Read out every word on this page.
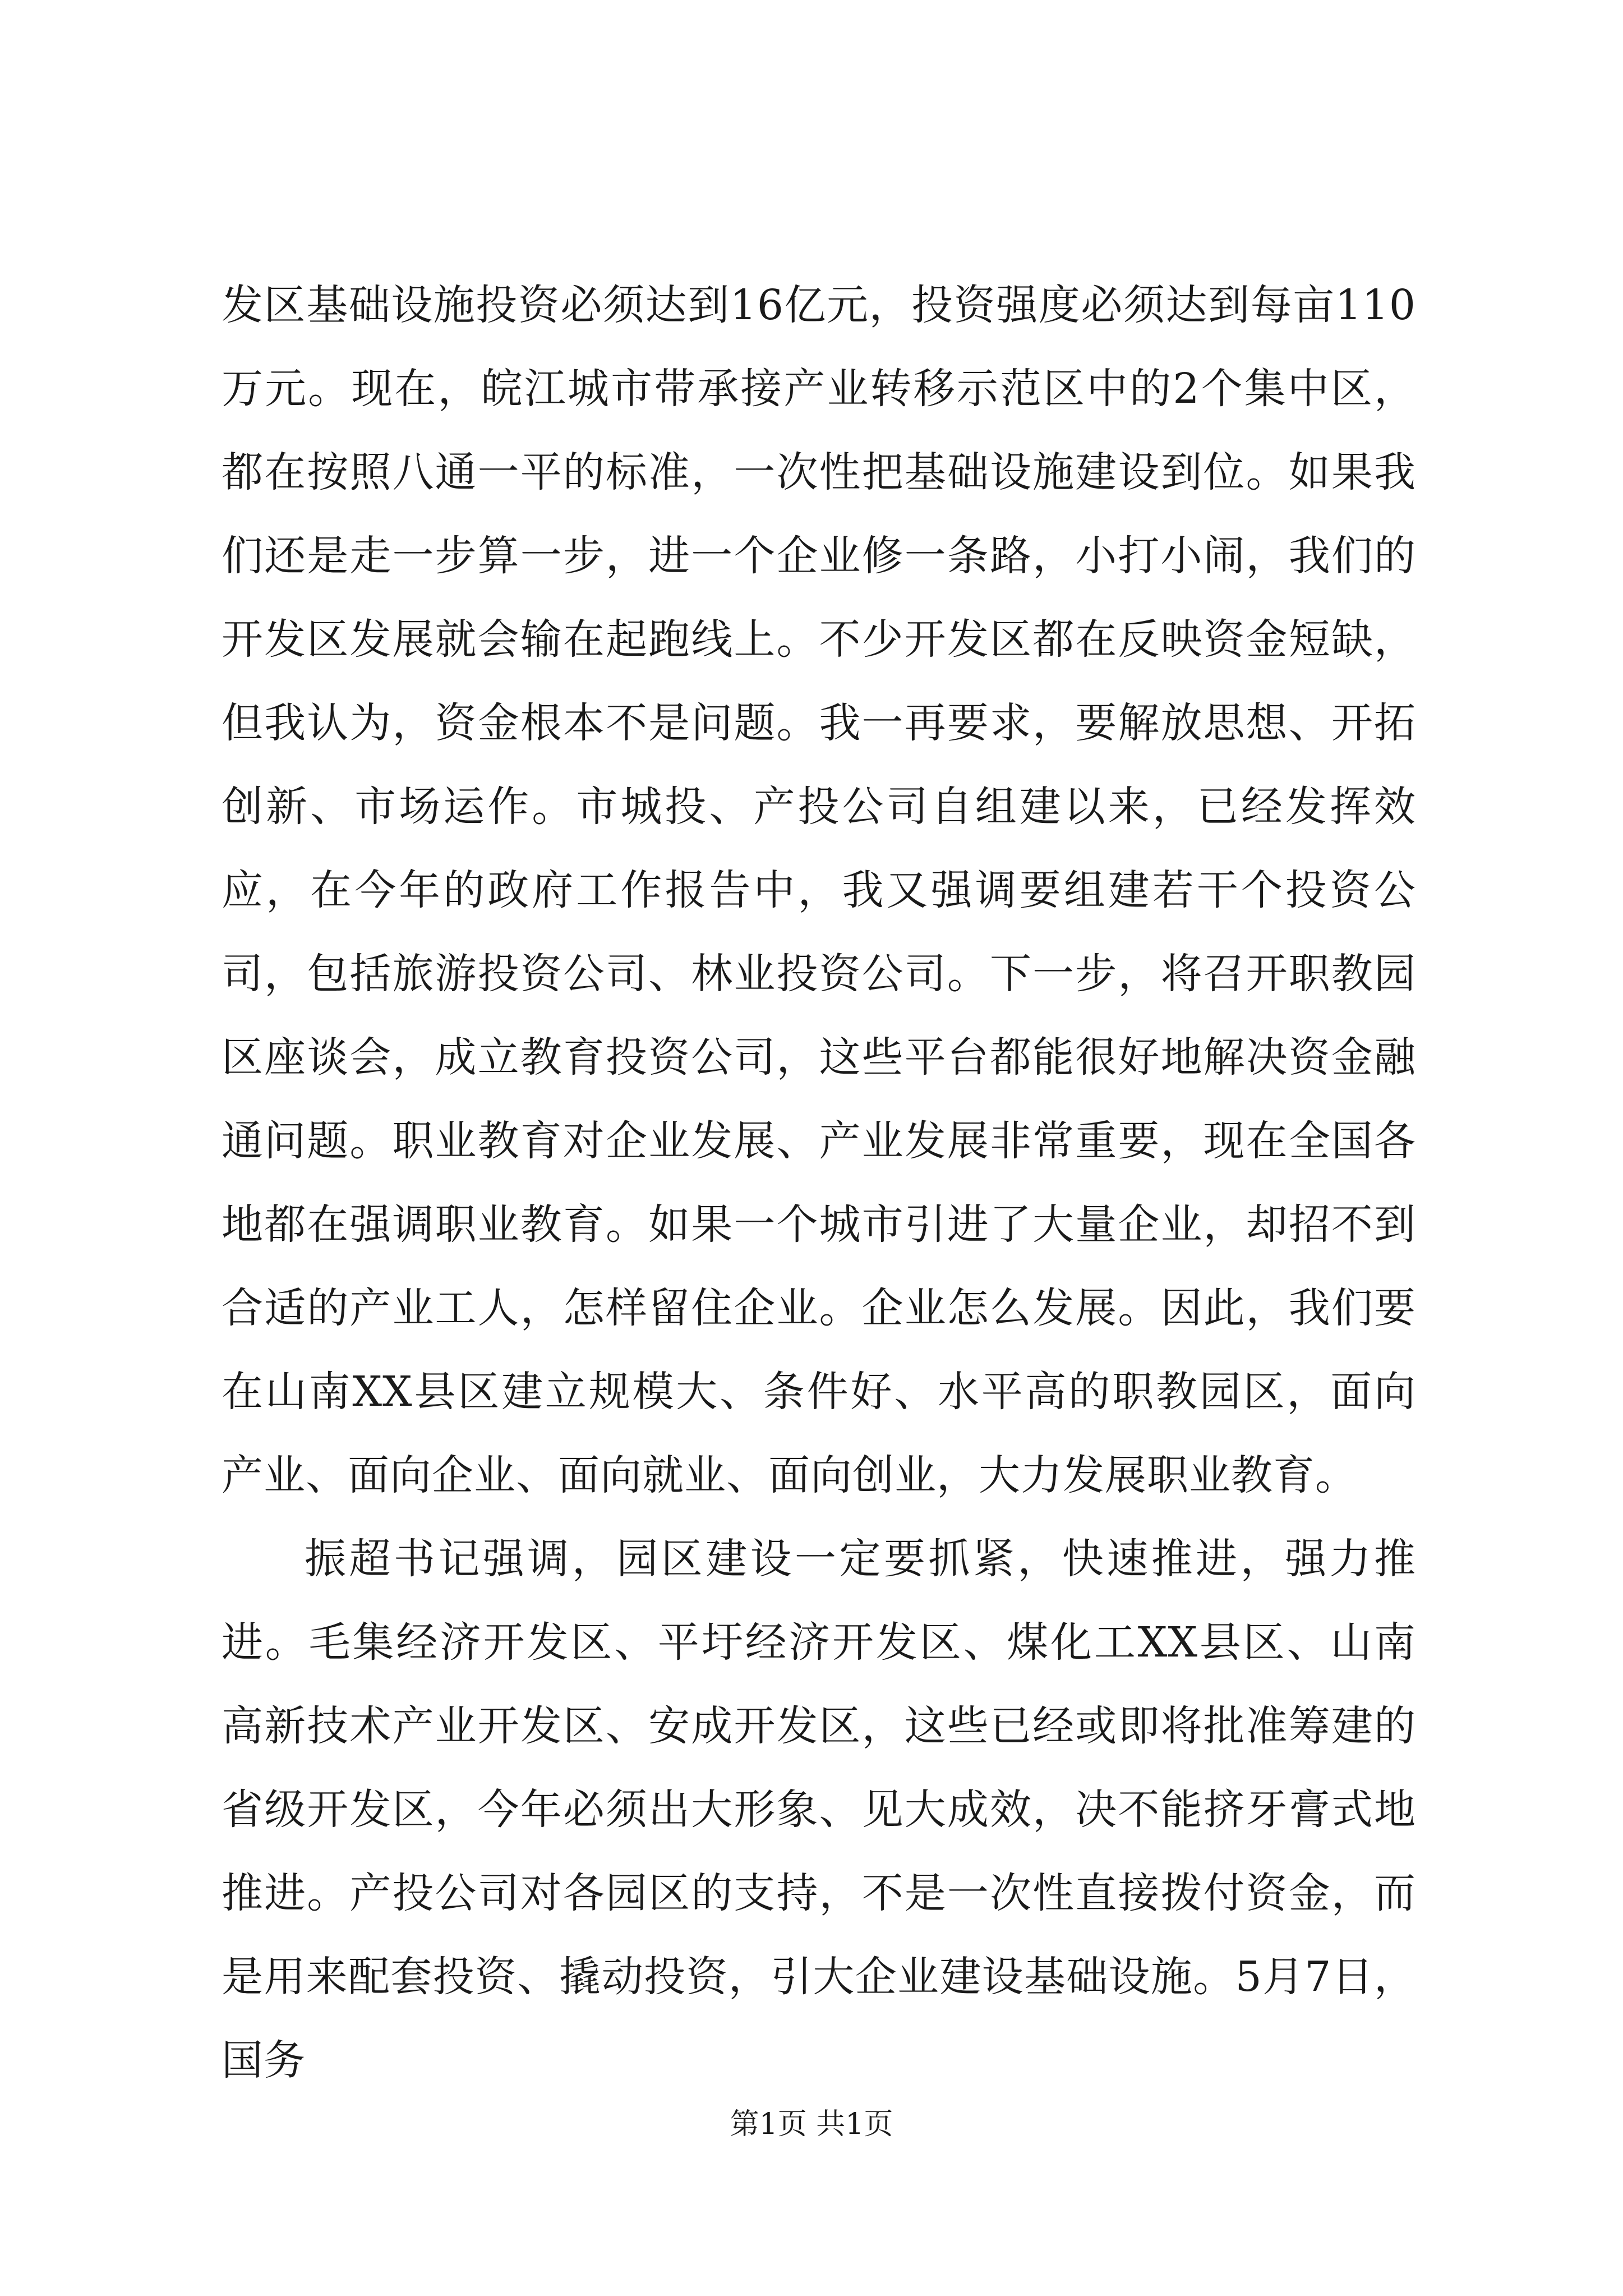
发区基础设施投资必须达到16亿元，投资强度必须达到每亩110万元。现在，皖江城市带承接产业转移示范区中的2个集中区，都在按照八通一平的标准，一次性把基础设施建设到位。如果我们还是走一步算一步，进一个企业修一条路，小打小闹，我们的开发区发展就会输在起跑线上。不少开发区都在反映资金短缺，但我认为，资金根本不是问题。我一再要求，要解放思想、开拓创新、市场运作。市城投、产投公司自组建以来，已经发挥效应，在今年的政府工作报告中，我又强调要组建若干个投资公司，包括旅游投资公司、林业投资公司。下一步，将召开职教园区座谈会，成立教育投资公司，这些平台都能很好地解决资金融通问题。职业教育对企业发展、产业发展非常重要，现在全国各地都在强调职业教育。如果一个城市引进了大量企业，却招不到合适的产业工人，怎样留住企业。企业怎么发展。因此，我们要在山南XX县区建立规模大、条件好、水平高的职教园区，面向产业、面向企业、面向就业、面向创业，大力发展职业教育。

振超书记强调，园区建设一定要抓紧，快速推进，强力推进。毛集经济开发区、平圩经济开发区、煤化工XX县区、山南高新技术产业开发区、安成开发区，这些已经或即将批准筹建的省级开发区，今年必须出大形象、见大成效，决不能挤牙膏式地推进。产投公司对各园区的支持，不是一次性直接拨付资金，而是用来配套投资、撬动投资，引大企业建设基础设施。5月7日，国务

第1页 共1页
